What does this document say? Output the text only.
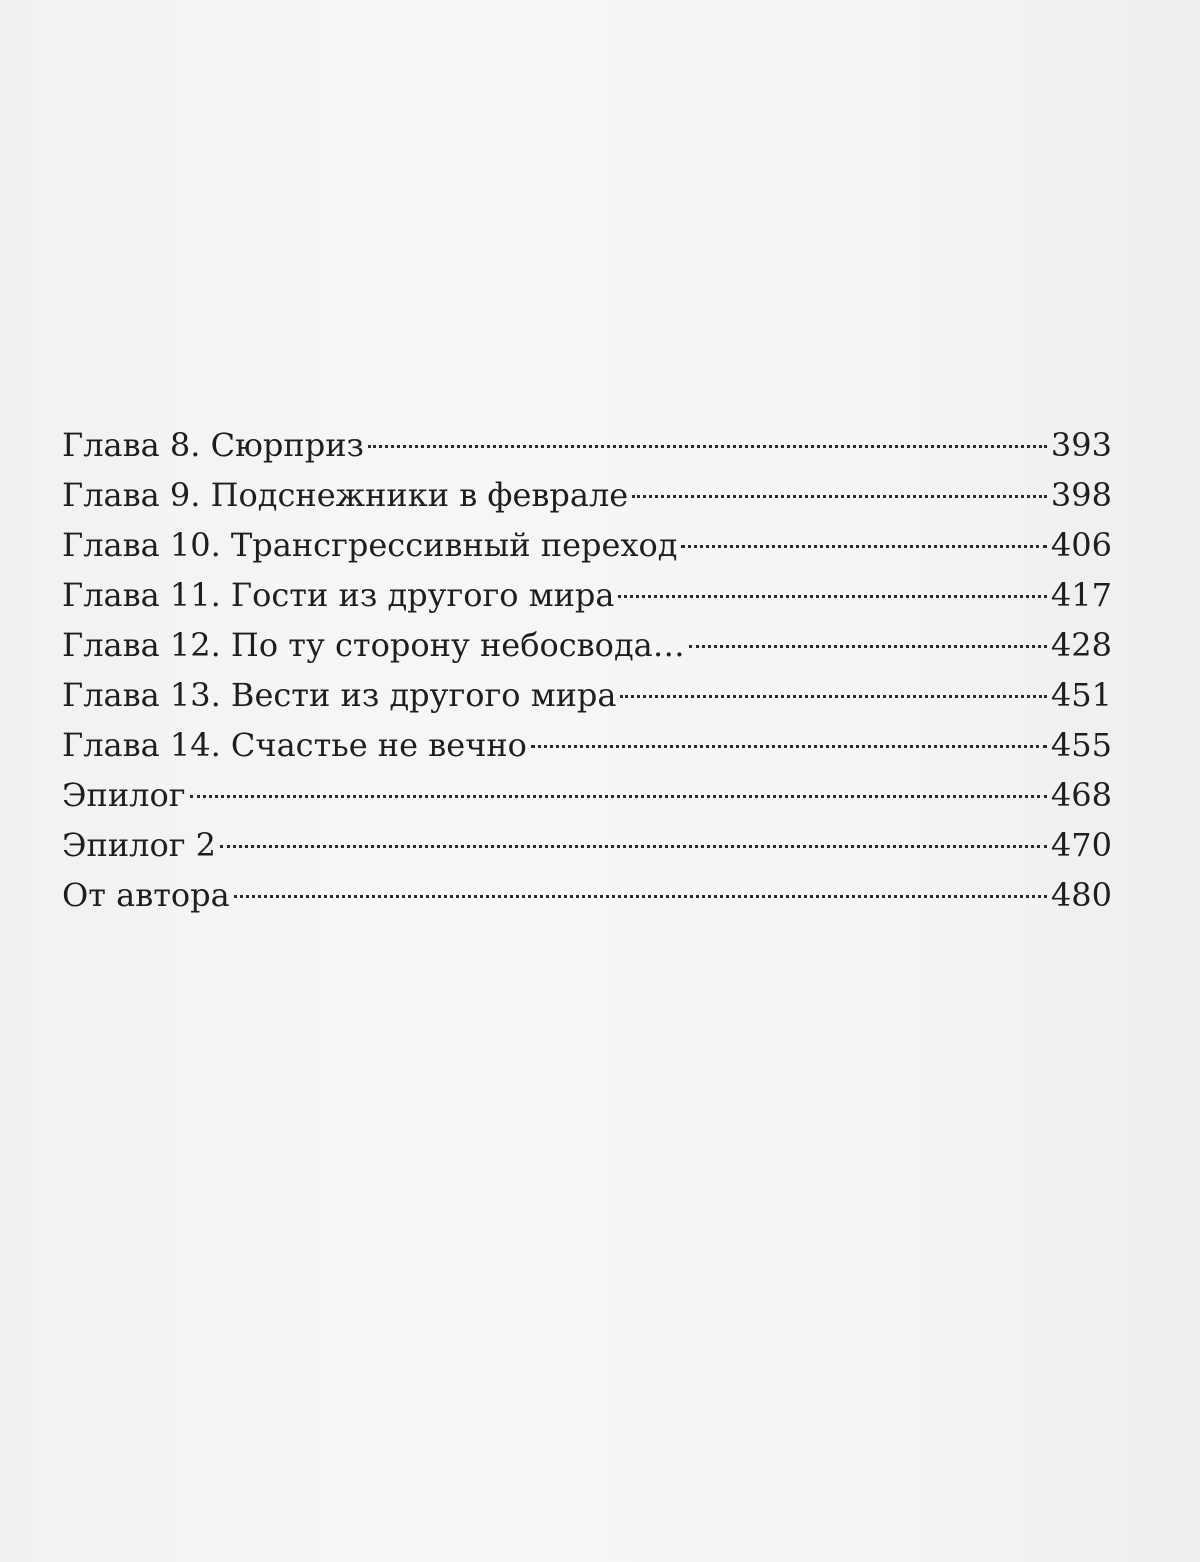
Глава 8. Сюрприз	393
Глава 9. Подснежники в феврале	398
Глава 10. Трансгрессивный переход	406
Глава 11. Гости из другого мира	417
Глава 12. По ту сторону небосвода…	428
Глава 13. Вести из другого мира	451
Глава 14. Счастье не вечно	455
Эпилог	468
Эпилог 2	470
От автора	480
